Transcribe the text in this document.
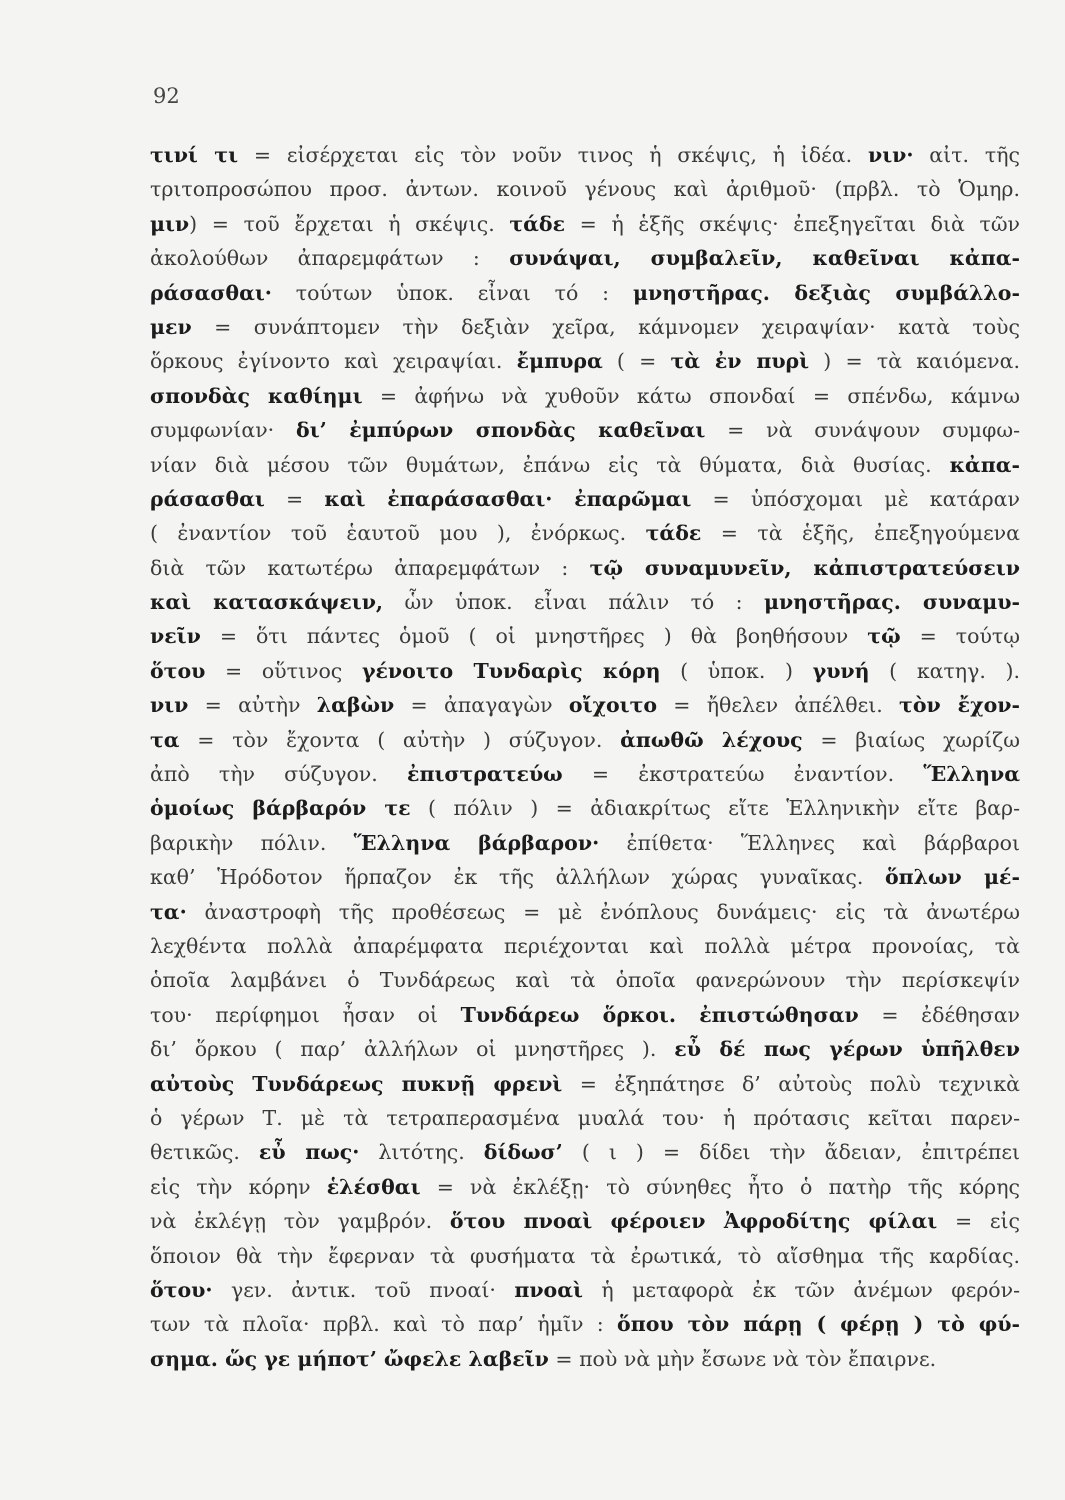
92
τινί τι = εἰσέρχεται εἰς τὸν νοῦν τινος ἡ σκέψις, ἡ ἰδέα. νιν· αἰτ. τῆς
τριτοπροσώπου προσ. ἀντων. κοινοῦ γένους καὶ ἀριθμοῦ· (πρβλ. τὸ Ὁμηρ.
μιν) = τοῦ ἔρχεται ἡ σκέψις. τάδε = ἡ ἑξῆς σκέψις· ἐπεξηγεῖται διὰ τῶν
ἀκολούθων ἀπαρεμφάτων : συνάψαι, συμβαλεῖν, καθεῖναι κἀπα-
ράσασθαι· τούτων ὑποκ. εἶναι τό : μνηστῆρας. δεξιὰς συμβάλλο-
μεν = συνάπτομεν τὴν δεξιὰν χεῖρα, κάμνομεν χειραψίαν· κατὰ τοὺς
ὅρκους ἐγίνοντο καὶ χειραψίαι. ἔμπυρα ( = τὰ ἐν πυρὶ ) = τὰ καιόμενα.
σπονδὰς καθίημι = ἀφήνω νὰ χυθοῦν κάτω σπονδαί = σπένδω, κάμνω
συμφωνίαν· δι’ ἐμπύρων σπονδὰς καθεῖναι = νὰ συνάψουν συμφω-
νίαν διὰ μέσου τῶν θυμάτων, ἐπάνω εἰς τὰ θύματα, διὰ θυσίας. κἀπα-
ράσασθαι = καὶ ἐπαράσασθαι· ἐπαρῶμαι = ὑπόσχομαι μὲ κατάραν
( ἐναντίον τοῦ ἑαυτοῦ μου ), ἐνόρκως. τάδε = τὰ ἑξῆς, ἐπεξηγούμενα
διὰ τῶν κατωτέρω ἀπαρεμφάτων : τῷ συναμυνεῖν, κἀπιστρατεύσειν
καὶ κατασκάψειν, ὧν ὑποκ. εἶναι πάλιν τό : μνηστῆρας. συναμυ-
νεῖν = ὅτι πάντες ὁμοῦ ( οἱ μνηστῆρες ) θὰ βοηθήσουν τῷ = τούτῳ
ὅτου = οὕτινος γένοιτο Τυνδαρὶς κόρη ( ὑποκ. ) γυνή ( κατηγ. ).
νιν = αὐτὴν λαβὼν = ἀπαγαγὼν οἴχοιτο = ἤθελεν ἀπέλθει. τὸν ἔχον-
τα = τὸν ἔχοντα ( αὐτὴν ) σύζυγον. ἀπωθῶ λέχους = βιαίως χωρίζω
ἀπὸ τὴν σύζυγον. ἐπιστρατεύω = ἐκστρατεύω ἐναντίον. Ἕλληνα
ὁμοίως βάρβαρόν τε ( πόλιν ) = ἀδιακρίτως εἴτε Ἑλληνικὴν εἴτε βαρ-
βαρικὴν πόλιν. Ἕλληνα βάρβαρον· ἐπίθετα· Ἕλληνες καὶ βάρβαροι
καθ’ Ἡρόδοτον ἥρπαζον ἐκ τῆς ἀλλήλων χώρας γυναῖκας. ὅπλων μέ-
τα· ἀναστροφὴ τῆς προθέσεως = μὲ ἐνόπλους δυνάμεις· εἰς τὰ ἀνωτέρω
λεχθέντα πολλὰ ἀπαρέμφατα περιέχονται καὶ πολλὰ μέτρα προνοίας, τὰ
ὁποῖα λαμβάνει ὁ Τυνδάρεως καὶ τὰ ὁποῖα φανερώνουν τὴν περίσκεψίν
του· περίφημοι ἦσαν οἱ Τυνδάρεω ὅρκοι. ἐπιστώθησαν = ἐδέθησαν
δι’ ὅρκου ( παρ’ ἀλλήλων οἱ μνηστῆρες ). εὖ δέ πως γέρων ὑπῆλθεν
αὐτοὺς Τυνδάρεως πυκνῇ φρενὶ = ἐξηπάτησε δ’ αὐτοὺς πολὺ τεχνικὰ
ὁ γέρων Τ. μὲ τὰ τετραπερασμένα μυαλά του· ἡ πρότασις κεῖται παρεν-
θετικῶς. εὖ πως· λιτότης. δίδωσ’ ( ι ) = δίδει τὴν ἄδειαν, ἐπιτρέπει
εἰς τὴν κόρην ἑλέσθαι = νὰ ἐκλέξῃ· τὸ σύνηθες ἦτο ὁ πατὴρ τῆς κόρης
νὰ ἐκλέγῃ τὸν γαμβρόν. ὅτου πνοαὶ φέροιεν Ἀφροδίτης φίλαι = εἰς
ὅποιον θὰ τὴν ἔφερναν τὰ φυσήματα τὰ ἐρωτικά, τὸ αἴσθημα τῆς καρδίας.
ὅτου· γεν. ἀντικ. τοῦ πνοαί· πνοαὶ ἡ μεταφορὰ ἐκ τῶν ἀνέμων φερόν-
των τὰ πλοῖα· πρβλ. καὶ τὸ παρ’ ἡμῖν : ὅπου τὸν πάρῃ ( φέρῃ ) τὸ φύ-
σημα. ὥς γε μήποτ’ ὤφελε λαβεῖν = ποὺ νὰ μὴν ἔσωνε νὰ τὸν ἔπαιρνε.
